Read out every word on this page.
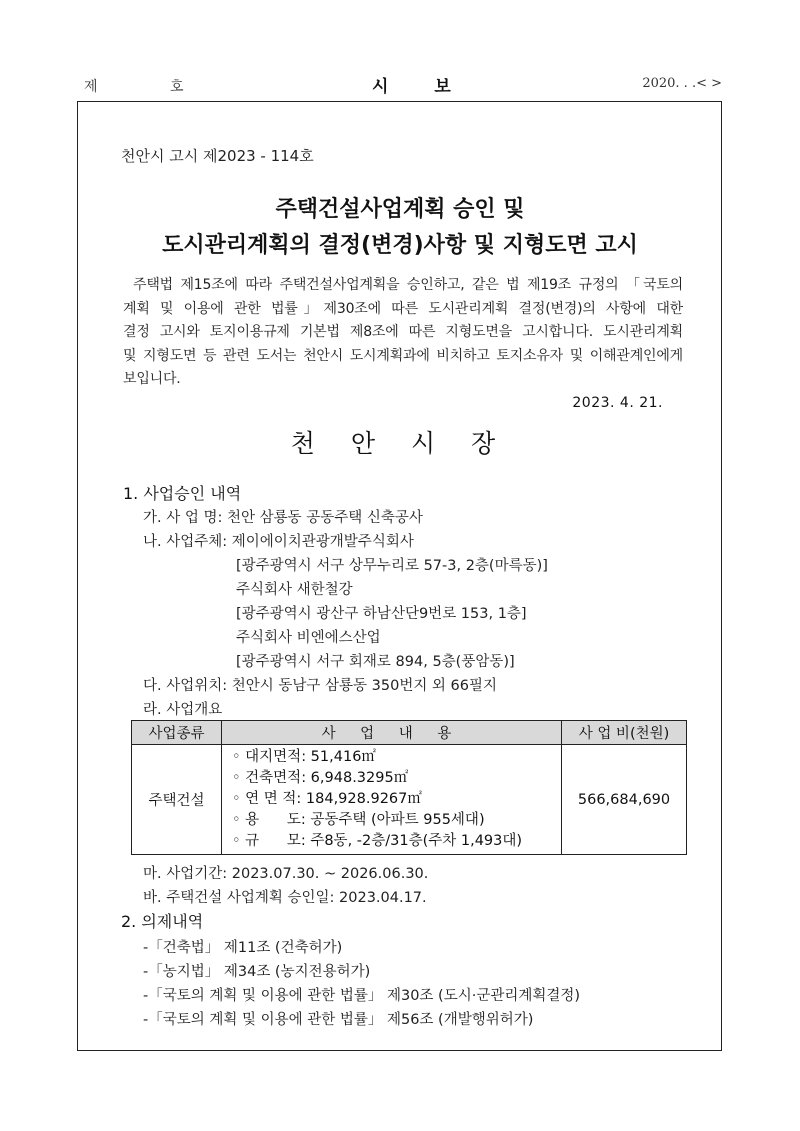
제 호	시 보	2020. . .< >
천안시 고시 제2023 - 114호
주택건설사업계획 승인 및
도시관리계획의 결정(변경)사항 및 지형도면 고시
주택법 제15조에 따라 주택건설사업계획을 승인하고, 같은 법 제19조 규정의 「국토의
계획 및 이용에 관한 법률」제30조에 따른 도시관리계획 결정(변경)의 사항에 대한
결정 고시와 토지이용규제 기본법 제8조에 따른 지형도면을 고시합니다. 도시관리계획
및 지형도면 등 관련 도서는 천안시 도시계획과에 비치하고 토지소유자 및 이해관계인에게
보입니다.
2023. 4. 21.
천 안 시 장
1. 사업승인 내역
가. 사 업 명: 천안 삼룡동 공동주택 신축공사
나. 사업주체: 제이에이치관광개발주식회사
[광주광역시 서구 상무누리로 57-3, 2층(마륵동)]
주식회사 새한철강
[광주광역시 광산구 하남산단9번로 153, 1층]
주식회사 비엔에스산업
[광주광역시 서구 회재로 894, 5층(풍암동)]
다. 사업위치: 천안시 동남구 삼룡동 350번지 외 66필지
라. 사업개요
사업종류	사 업 내 용	사 업 비(천원)
주택건설	◦ 대지면적: 51,416㎡
◦ 건축면적: 6,948.3295㎡
◦ 연 면 적: 184,928.9267㎡
◦ 용      도: 공동주택 (아파트 955세대)
◦ 규      모: 주8동, -2층/31층(주차 1,493대)	566,684,690
마. 사업기간: 2023.07.30. ~ 2026.06.30.
바. 주택건설 사업계획 승인일: 2023.04.17.
2. 의제내역
-「건축법」 제11조 (건축허가)
-「농지법」 제34조 (농지전용허가)
-「국토의 계획 및 이용에 관한 법률」 제30조 (도시·군관리계획결정)
-「국토의 계획 및 이용에 관한 법률」 제56조 (개발행위허가)
